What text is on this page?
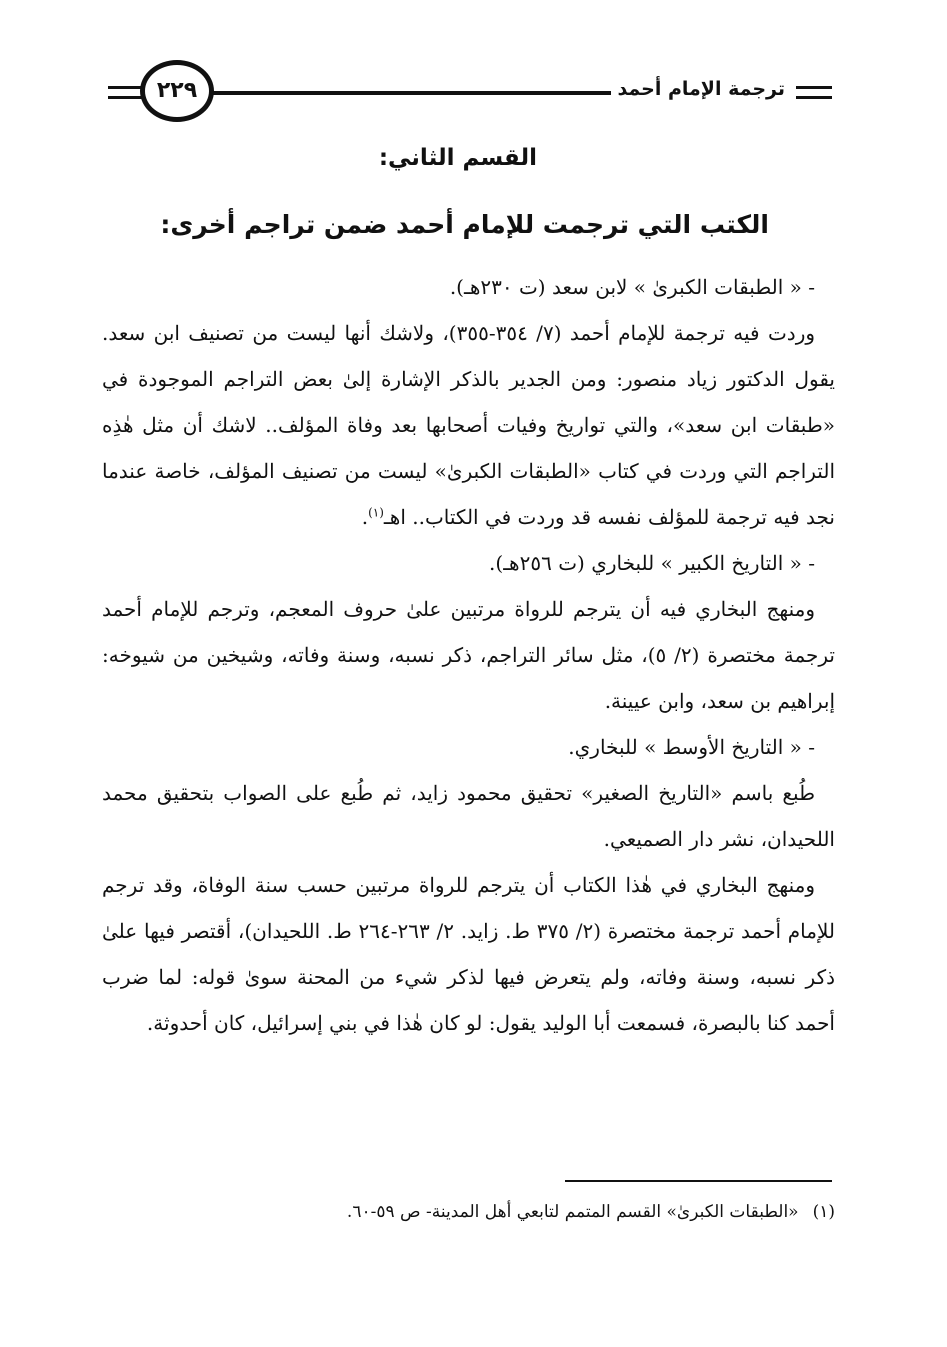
٢٢٩	ترجمة الإمام أحمد
القسم الثاني:
الكتب التي ترجمت للإمام أحمد ضمن تراجم أخرى:

- « الطبقات الكبرىٰ » لابن سعد (ت ٢٣٠هـ).

وردت فيه ترجمة للإمام أحمد (٧/ ٣٥٤-٣٥٥)، ولاشك أنها ليست من تصنيف ابن سعد. يقول الدكتور زياد منصور: ومن الجدير بالذكر الإشارة إلىٰ بعض التراجم الموجودة في «طبقات ابن سعد»، والتي تواريخ وفيات أصحابها بعد وفاة المؤلف.. لاشك أن مثل هٰذِه التراجم التي وردت في كتاب «الطبقات الكبرىٰ» ليست من تصنيف المؤلف، خاصة عندما نجد فيه ترجمة للمؤلف نفسه قد وردت في الكتاب.. اهـ$^{(١)}$.

- « التاريخ الكبير » للبخاري (ت ٢٥٦هـ).

ومنهج البخاري فيه أن يترجم للرواة مرتبين علىٰ حروف المعجم، وترجم للإمام أحمد ترجمة مختصرة (٢/ ٥)، مثل سائر التراجم، ذكر نسبه، وسنة وفاته، وشيخين من شيوخه: إبراهيم بن سعد، وابن عيينة.

- « التاريخ الأوسط » للبخاري.

طُبع باسم «التاريخ الصغير» تحقيق محمود زايد، ثم طُبع على الصواب بتحقيق محمد اللحيدان، نشر دار الصميعي.

ومنهج البخاري في هٰذا الكتاب أن يترجم للرواة مرتبين حسب سنة الوفاة، وقد ترجم للإمام أحمد ترجمة مختصرة (٢/ ٣٧٥ ط. زايد. ٢/ ٢٦٣-٢٦٤ ط. اللحيدان)، أقتصر فيها علىٰ ذكر نسبه، وسنة وفاته، ولم يتعرض فيها لذكر شيء من المحنة سوىٰ قوله: لما ضرب أحمد كنا بالبصرة، فسمعت أبا الوليد يقول: لو كان هٰذا في بني إسرائيل، كان أحدوثة.

(١)«الطبقات الكبرىٰ» القسم المتمم لتابعي أهل المدينة- ص ٥٩-٦٠.
